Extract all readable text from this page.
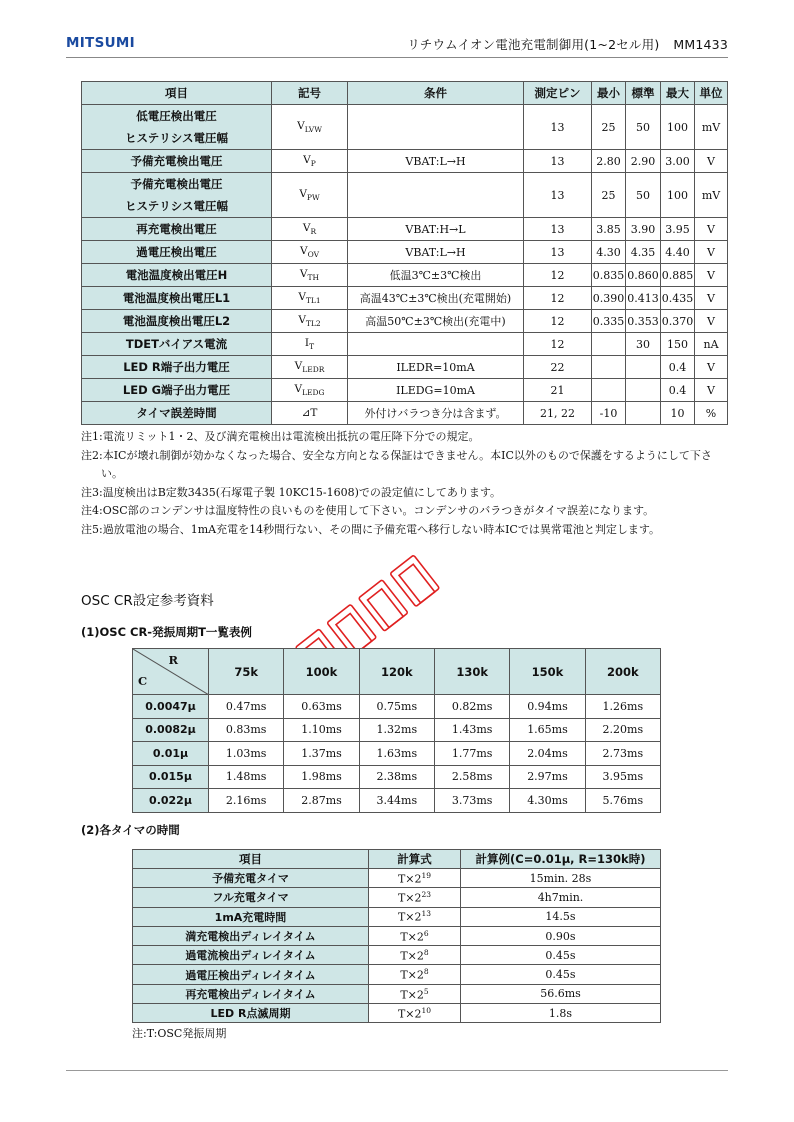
MITSUMI	リチウムイオン電池充電制御用(1~2セル用) MM1433
項目	記号	条件	測定ピン	最小	標準	最大	単位

低電圧検出電圧
ヒステリシス電圧幅	$V_{LVW}$		13	25	50	100	mV

予備充電検出電圧	$V_P$	VBAT:L→H	13	2.80	2.90	3.00	V

予備充電検出電圧
ヒステリシス電圧幅	$V_{PW}$		13	25	50	100	mV

再充電検出電圧	$V_R$	VBAT:H→L	13	3.85	3.90	3.95	V

過電圧検出電圧	$V_{OV}$	VBAT:L→H	13	4.30	4.35	4.40	V

電池温度検出電圧H	$V_{TH}$	低温3℃±3℃検出	12	0.835	0.860	0.885	V

電池温度検出電圧L1	$V_{TL1}$	高温43℃±3℃検出(充電開始)	12	0.390	0.413	0.435	V

電池温度検出電圧L2	$V_{TL2}$	高温50℃±3℃検出(充電中)	12	0.335	0.353	0.370	V

TDETバイアス電流	$I_T$		12		30	150	nA

LED R端子出力電圧	$V_{LEDR}$	ILEDR=10mA	22			0.4	V

LED G端子出力電圧	$V_{LEDG}$	ILEDG=10mA	21			0.4	V

タイマ誤差時間	⊿T	外付けバラつき分は含まず。	21, 22	-10		10	%
注1:電流リミット1・2、及び満充電検出は電流検出抵抗の電圧降下分での規定。
注2:本ICが壊れ制御が効かなくなった場合、安全な方向となる保証はできません。本IC以外のもので保護をするようにして下さい。
注3:温度検出はB定数3435(石塚電子製 10KC15-1608)での設定値にしてあります。
注4:OSC部のコンデンサは温度特性の良いものを使用して下さい。コンデンサのバラつきがタイマ誤差になります。
注5:過放電池の場合、1mA充電を14秒間行ない、その間に予備充電へ移行しない時本ICでは異常電池と判定します。
OSC CR設定参考資料
(1)OSC CR-発振周期T一覧表例
R
C	75k	100k	120k	130k	150k	200k
0.0047μ	0.47ms	0.63ms	0.75ms	0.82ms	0.94ms	1.26ms
0.0082μ	0.83ms	1.10ms	1.32ms	1.43ms	1.65ms	2.20ms
0.01μ	1.03ms	1.37ms	1.63ms	1.77ms	2.04ms	2.73ms
0.015μ	1.48ms	1.98ms	2.38ms	2.58ms	2.97ms	3.95ms
0.022μ	2.16ms	2.87ms	3.44ms	3.73ms	4.30ms	5.76ms
(2)各タイマの時間
項目	計算式	計算例(C=0.01μ, R=130k時)
予備充電タイマ	$T\times 2^{19}$	15min. 28s
フル充電タイマ	$T\times 2^{23}$	4h7min.
1mA充電時間	$T\times 2^{13}$	14.5s
満充電検出ディレイタイム	$T\times 2^6$	0.90s
過電流検出ディレイタイム	$T\times 2^8$	0.45s
過電圧検出ディレイタイム	$T\times 2^8$	0.45s
再充電検出ディレイタイム	$T\times 2^5$	56.6ms
LED R点滅周期	$T\times 2^{10}$	1.8s
注:T:OSC発振周期
